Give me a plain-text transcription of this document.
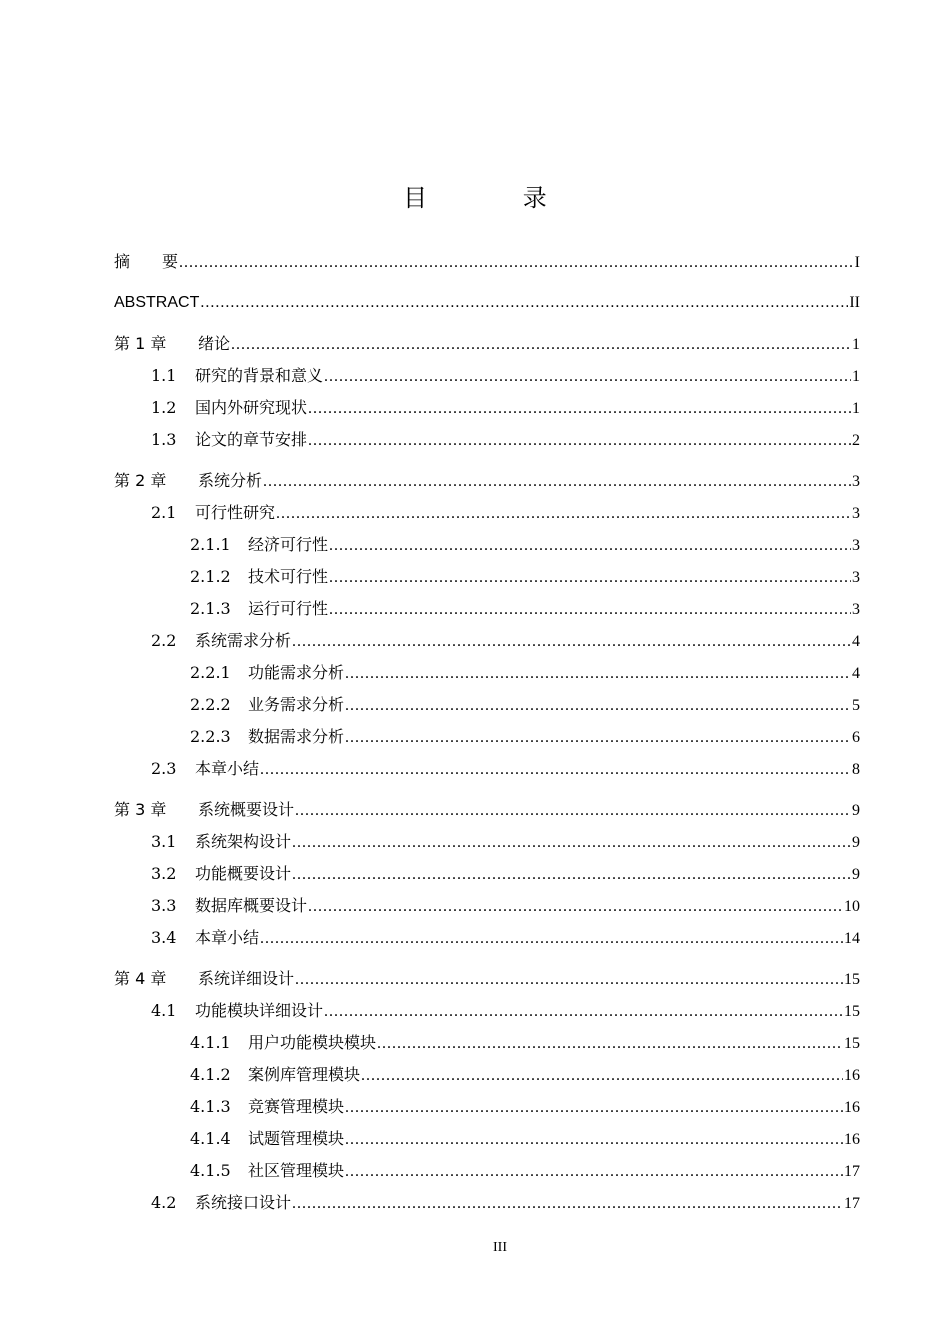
目 录
摘　　要 .....	I
ABSTRACT .....	II
第 1 章	绪论 .....	1
1.1	研究的背景和意义 .....	1
1.2	国内外研究现状 .....	1
1.3	论文的章节安排 .....	2
第 2 章	系统分析 .....	3
2.1	可行性研究 .....	3
2.1.1	经济可行性 .....	3
2.1.2	技术可行性 .....	3
2.1.3	运行可行性 .....	3
2.2	系统需求分析 .....	4
2.2.1	功能需求分析 .....	4
2.2.2	业务需求分析 .....	5
2.2.3	数据需求分析 .....	6
2.3	本章小结 .....	8
第 3 章	系统概要设计 .....	9
3.1	系统架构设计 .....	9
3.2	功能概要设计 .....	9
3.3	数据库概要设计 .....	10
3.4	本章小结 .....	14
第 4 章	系统详细设计 .....	15
4.1	功能模块详细设计 .....	15
4.1.1	用户功能模块模块 .....	15
4.1.2	案例库管理模块 .....	16
4.1.3	竞赛管理模块 .....	16
4.1.4	试题管理模块 .....	16
4.1.5	社区管理模块 .....	17
4.2	系统接口设计 .....	17
III
